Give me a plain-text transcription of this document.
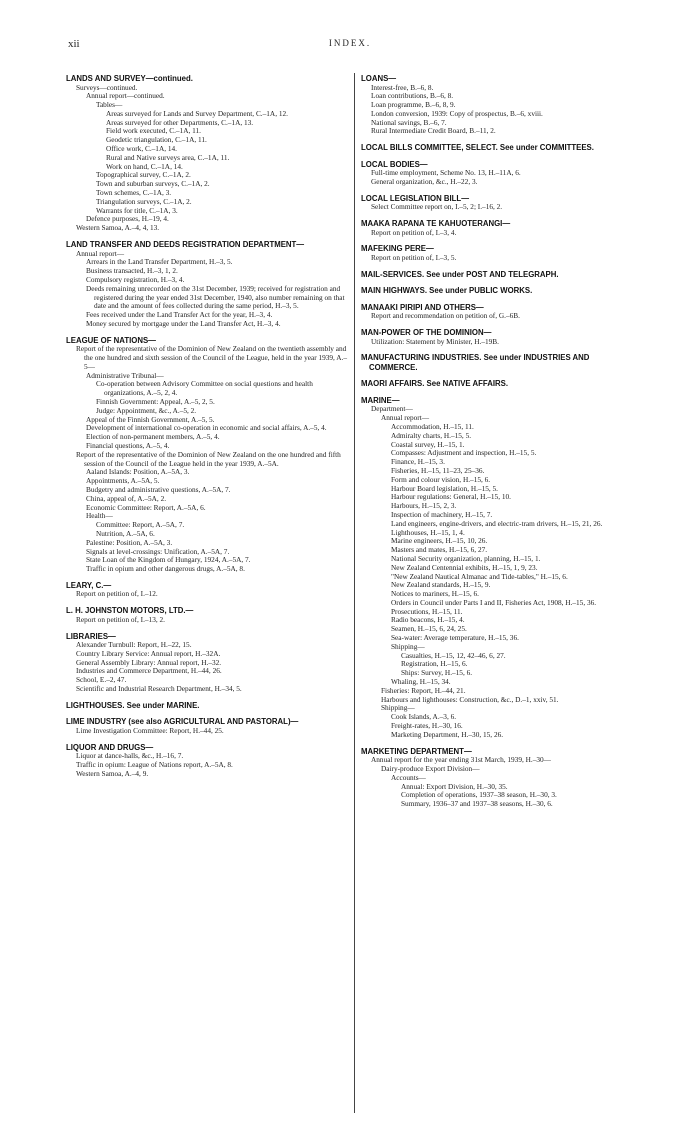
xii	INDEX.
LANDS AND SURVEY—continued.
Surveys—continued.
Annual report—continued.
Tables—
Areas surveyed for Lands and Survey Department, C.–1A, 12.
Areas surveyed for other Departments, C.–1A, 13.
Field work executed, C.–1A, 11.
Geodetic triangulation, C.–1A, 11.
Office work, C.–1A, 14.
Rural and Native surveys area, C.–1A, 11.
Work on hand, C.–1A, 14.
Topographical survey, C.–1A, 2.
Town and suburban surveys, C.–1A, 2.
Town schemes, C.–1A, 3.
Triangulation surveys, C.–1A, 2.
Warrants for title, C.–1A, 3.
Defence purposes, H.–19, 4.
Western Samoa, A.–4, 4, 13.
LAND TRANSFER AND DEEDS REGISTRATION DEPARTMENT—
Annual report—
Arrears in the Land Transfer Department, H.–3, 5.
Business transacted, H.–3, 1, 2.
Compulsory registration, H.–3, 4.
Deeds remaining unrecorded on the 31st December, 1939; received for registration and registered during the year ended 31st December, 1940, also number remaining on that date and the amount of fees collected during the same period, H.–3, 5.
Fees received under the Land Transfer Act for the year, H.–3, 4.
Money secured by mortgage under the Land Transfer Act, H.–3, 4.
LEAGUE OF NATIONS—
Report of the representative of the Dominion of New Zealand on the twentieth assembly and the one hundred and sixth session of the Council of the League, held in the year 1939, A.–5—
Administrative Tribunal—
Co-operation between Advisory Committee on social questions and health organizations, A.–5, 2, 4.
Finnish Government: Appeal, A.–5, 2, 5.
Judge: Appointment, &c., A.–5, 2.
Appeal of the Finnish Government, A.–5, 5.
Development of international co-operation in economic and social affairs, A.–5, 4.
Election of non-permanent members, A.–5, 4.
Financial questions, A.–5, 4.
Report of the representative of the Dominion of New Zealand on the one hundred and fifth session of the Council of the League held in the year 1939, A.–5A.
Aaland Islands: Position, A.–5A, 3.
Appointments, A.–5A, 5.
Budgetry and administrative questions, A.–5A, 7.
China, appeal of, A.–5A, 2.
Economic Committee: Report, A.–5A, 6.
Health—
Committee: Report, A.–5A, 7.
Nutrition, A.–5A, 6.
Palestine: Position, A.–5A, 3.
Signals at level-crossings: Unification, A.–5A, 7.
State Loan of the Kingdom of Hungary, 1924, A.–5A, 7.
Traffic in opium and other dangerous drugs, A.–5A, 8.
LEARY, C.—
Report on petition of, I.–12.
L. H. JOHNSTON MOTORS, LTD.—
Report on petition of, I.–13, 2.
LIBRARIES—
Alexander Turnbull: Report, H.–22, 15.
Country Library Service: Annual report, H.–32A.
General Assembly Library: Annual report, H.–32.
Industries and Commerce Department, H.–44, 26.
School, E.–2, 47.
Scientific and Industrial Research Department, H.–34, 5.
LIGHTHOUSES. See under MARINE.
LIME INDUSTRY (see also AGRICULTURAL AND PASTORAL)—
Lime Investigation Committee: Report, H.–44, 25.
LIQUOR AND DRUGS—
Liquor at dance-halls, &c., H.–16, 7.
Traffic in opium: League of Nations report, A.–5A, 8.
Western Samoa, A.–4, 9.
LOANS—
Interest-free, B.–6, 8.
Loan contributions, B.–6, 8.
Loan programme, B.–6, 8, 9.
London conversion, 1939: Copy of prospectus, B.–6, xviii.
National savings, B.–6, 7.
Rural Intermediate Credit Board, B.–11, 2.
LOCAL BILLS COMMITTEE, SELECT. See under COMMITTEES.
LOCAL BODIES—
Full-time employment, Scheme No. 13, H.–11A, 6.
General organization, &c., H.–22, 3.
LOCAL LEGISLATION BILL—
Select Committee report on, I.–5, 2; I.–16, 2.
MAAKA RAPANA TE KAHUOTERANGI—
Report on petition of, I.–3, 4.
MAFEKING PERE—
Report on petition of, I.–3, 5.
MAIL-SERVICES. See under POST AND TELEGRAPH.
MAIN HIGHWAYS. See under PUBLIC WORKS.
MANAAKI PIRIPI AND OTHERS—
Report and recommendation on petition of, G.–6B.
MAN-POWER OF THE DOMINION—
Utilization: Statement by Minister, H.–19B.
MANUFACTURING INDUSTRIES. See under INDUSTRIES AND COMMERCE.
MAORI AFFAIRS. See NATIVE AFFAIRS.
MARINE—
Department—
Annual report—
Accommodation, H.–15, 11.
Admiralty charts, H.–15, 5.
Coastal survey, H.–15, 1.
Compasses: Adjustment and inspection, H.–15, 5.
Finance, H.–15, 3.
Fisheries, H.–15, 11–23, 25–36.
Form and colour vision, H.–15, 6.
Harbour Board legislation, H.–15, 5.
Harbour regulations: General, H.–15, 10.
Harbours, H.–15, 2, 3.
Inspection of machinery, H.–15, 7.
Land engineers, engine-drivers, and electric-tram drivers, H.–15, 21, 26.
Lighthouses, H.–15, 1, 4.
Marine engineers, H.–15, 10, 26.
Masters and mates, H.–15, 6, 27.
National Security organization, planning, H.–15, 1.
New Zealand Centennial exhibits, H.–15, 1, 9, 23.
"New Zealand Nautical Almanac and Tide-tables," H.–15, 6.
New Zealand standards, H.–15, 9.
Notices to mariners, H.–15, 6.
Orders in Council under Parts I and II, Fisheries Act, 1908, H.–15, 36.
Prosecutions, H.–15, 11.
Radio beacons, H.–15, 4.
Seamen, H.–15, 6, 24, 25.
Sea-water: Average temperature, H.–15, 36.
Shipping—
Casualties, H.–15, 12, 42–46, 6, 27.
Registration, H.–15, 6.
Ships: Survey, H.–15, 6.
Whaling, H.–15, 34.
Fisheries: Report, H.–44, 21.
Harbours and lighthouses: Construction, &c., D.–1, xxiv, 51.
Shipping—
Cook Islands, A.–3, 6.
Freight-rates, H.–30, 16.
Marketing Department, H.–30, 15, 26.
MARKETING DEPARTMENT—
Annual report for the year ending 31st March, 1939, H.–30—
Dairy-produce Export Division—
Accounts—
Annual: Export Division, H.–30, 35.
Completion of operations, 1937–38 season, H.–30, 3.
Summary, 1936–37 and 1937–38 seasons, H.–30, 6.
